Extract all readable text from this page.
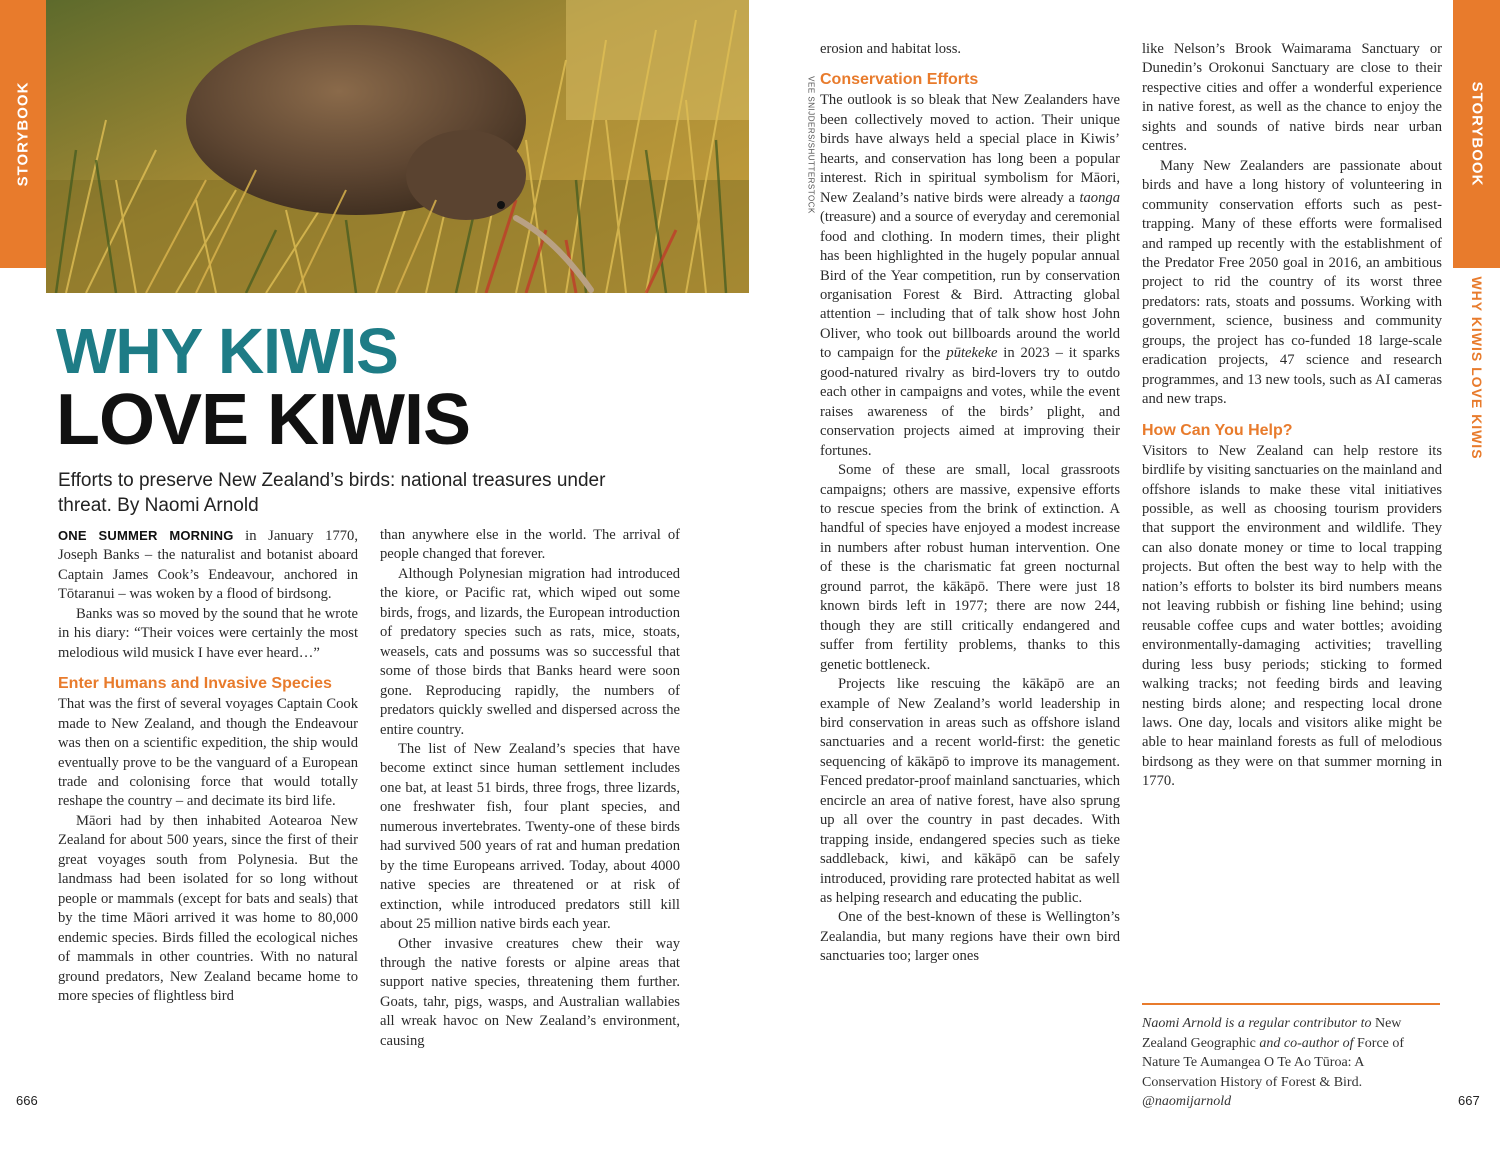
STORYBOOK	STORYBOOK
WHY KIWIS LOVE KIWIS
VEE SNIJDERS/SHUTTERSTOCK
WHY KIWIS
LOVE KIWIS

Efforts to preserve New Zealand’s birds: national treasures under threat. By Naomi Arnold

ONE SUMMER MORNING in January 1770, Joseph Banks – the naturalist and botanist aboard Captain James Cook’s Endeavour, anchored in Tōtaranui – was woken by a flood of birdsong.

Banks was so moved by the sound that he wrote in his diary: “Their voices were certainly the most melodious wild musick I have ever heard…”

Enter Humans and Invasive Species

That was the first of several voyages Captain Cook made to New Zealand, and though the Endeavour was then on a scientific expedition, the ship would eventually prove to be the vanguard of a European trade and colonising force that would totally reshape the country – and decimate its bird life.

Māori had by then inhabited Aotearoa New Zealand for about 500 years, since the first of their great voyages south from Polynesia. But the landmass had been isolated for so long without people or mammals (except for bats and seals) that by the time Māori arrived it was home to 80,000 endemic species. Birds filled the ecological niches of mammals in other countries. With no natural ground predators, New Zealand became home to more species of flightless bird

than anywhere else in the world. The arrival of people changed that forever.

Although Polynesian migration had introduced the kiore, or Pacific rat, which wiped out some birds, frogs, and lizards, the European introduction of predatory species such as rats, mice, stoats, weasels, cats and possums was so successful that some of those birds that Banks heard were soon gone. Reproducing rapidly, the numbers of predators quickly swelled and dispersed across the entire country.

The list of New Zealand’s species that have become extinct since human settlement includes one bat, at least 51 birds, three frogs, three lizards, one freshwater fish, four plant species, and numerous invertebrates. Twenty-one of these birds had survived 500 years of rat and human predation by the time Europeans arrived. Today, about 4000 native species are threatened or at risk of extinction, while introduced predators still kill about 25 million native birds each year.

Other invasive creatures chew their way through the native forests or alpine areas that support native species, threatening them further. Goats, tahr, pigs, wasps, and Australian wallabies all wreak havoc on New Zealand’s environment, causing

erosion and habitat loss.

Conservation Efforts

The outlook is so bleak that New Zealanders have been collectively moved to action. Their unique birds have always held a special place in Kiwis’ hearts, and conservation has long been a popular interest. Rich in spiritual symbolism for Māori, New Zealand’s native birds were already a taonga (treasure) and a source of everyday and ceremonial food and clothing. In modern times, their plight has been highlighted in the hugely popular annual Bird of the Year competition, run by conservation organisation Forest & Bird. Attracting global attention – including that of talk show host John Oliver, who took out billboards around the world to campaign for the pūtekeke in 2023 – it sparks good-natured rivalry as bird-lovers try to outdo each other in campaigns and votes, while the event raises awareness of the birds’ plight, and conservation projects aimed at improving their fortunes.

Some of these are small, local grassroots campaigns; others are massive, expensive efforts to rescue species from the brink of extinction. A handful of species have enjoyed a modest increase in numbers after robust human intervention. One of these is the charismatic fat green nocturnal ground parrot, the kākāpō. There were just 18 known birds left in 1977; there are now 244, though they are still critically endangered and suffer from fertility problems, thanks to this genetic bottleneck.

Projects like rescuing the kākāpō are an example of New Zealand’s world leadership in bird conservation in areas such as offshore island sanctuaries and a recent world-first: the genetic sequencing of kākāpō to improve its management. Fenced predator-proof mainland sanctuaries, which encircle an area of native forest, have also sprung up all over the country in past decades. With trapping inside, endangered species such as tieke saddleback, kiwi, and kākāpō can be safely introduced, providing rare protected habitat as well as helping research and educating the public.

One of the best-known of these is Wellington’s Zealandia, but many regions have their own bird sanctuaries too; larger ones

like Nelson’s Brook Waimarama Sanctuary or Dunedin’s Orokonui Sanctuary are close to their respective cities and offer a wonderful experience in native forest, as well as the chance to enjoy the sights and sounds of native birds near urban centres.

Many New Zealanders are passionate about birds and have a long history of volunteering in community conservation efforts such as pest-trapping. Many of these efforts were formalised and ramped up recently with the establishment of the Predator Free 2050 goal in 2016, an ambitious project to rid the country of its worst three predators: rats, stoats and possums. Working with government, science, business and community groups, the project has co-funded 18 large-scale eradication projects, 47 science and research programmes, and 13 new tools, such as AI cameras and new traps.

How Can You Help?

Visitors to New Zealand can help restore its birdlife by visiting sanctuaries on the mainland and offshore islands to make these vital initiatives possible, as well as choosing tourism providers that support the environment and wildlife. They can also donate money or time to local trapping projects. But often the best way to help with the nation’s efforts to bolster its bird numbers means not leaving rubbish or fishing line behind; using reusable coffee cups and water bottles; avoiding environmentally-damaging activities; travelling during less busy periods; sticking to formed walking tracks; not feeding birds and leaving nesting birds alone; and respecting local drone laws. One day, locals and visitors alike might be able to hear mainland forests as full of melodious birdsong as they were on that summer morning in 1770.

Naomi Arnold is a regular contributor to New Zealand Geographic and co-author of Force of Nature Te Aumangea O Te Ao Tūroa: A Conservation History of Forest & Bird. @naomijarnold

666	667
